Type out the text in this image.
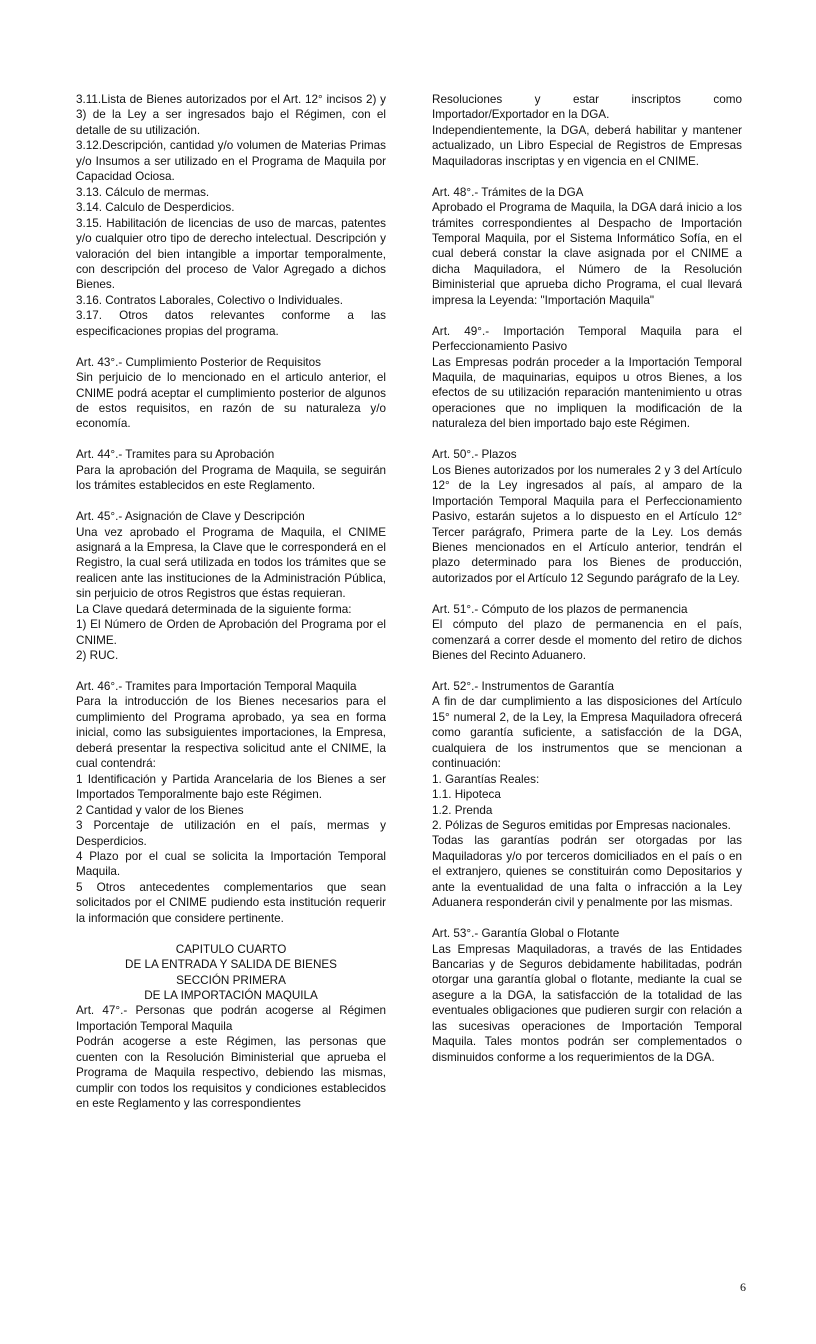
3.11.Lista de Bienes autorizados por el Art. 12° incisos 2) y 3) de la Ley a ser ingresados bajo el Régimen, con el detalle de su utilización.

3.12.Descripción, cantidad y/o volumen de Materias Primas y/o Insumos a ser utilizado en el Programa de Maquila por Capacidad Ociosa.

3.13. Cálculo de mermas.

3.14. Calculo de Desperdicios.

3.15. Habilitación de licencias de uso de marcas, patentes y/o cualquier otro tipo de derecho intelectual. Descripción y valoración del bien intangible a importar temporalmente, con descripción del proceso de Valor Agregado a dichos Bienes.

3.16. Contratos Laborales, Colectivo o Individuales.

3.17. Otros datos relevantes conforme a las especificaciones propias del programa.

Art. 43°.- Cumplimiento Posterior de Requisitos

Sin perjuicio de lo mencionado en el articulo anterior, el CNIME podrá aceptar el cumplimiento posterior de algunos de estos requisitos, en razón de su naturaleza y/o economía.

Art. 44°.- Tramites para su Aprobación

Para la aprobación del Programa de Maquila, se seguirán los trámites establecidos en este Reglamento.

Art. 45°.- Asignación de Clave y Descripción

Una vez aprobado el Programa de Maquila, el CNIME asignará a la Empresa, la Clave que le corresponderá en el Registro, la cual será utilizada en todos los trámites que se realicen ante las instituciones de la Administración Pública, sin perjuicio de otros Registros que éstas requieran.

La Clave quedará determinada de la siguiente forma:

1) El Número de Orden de Aprobación del Programa por el CNIME.

2) RUC.

Art. 46°.- Tramites para Importación Temporal Maquila

Para la introducción de los Bienes necesarios para el cumplimiento del Programa aprobado, ya sea en forma inicial, como las subsiguientes importaciones, la Empresa, deberá presentar la respectiva solicitud ante el CNIME, la cual contendrá:

1 Identificación y Partida Arancelaria de los Bienes a ser Importados Temporalmente bajo este Régimen.

2 Cantidad y valor de los Bienes

3 Porcentaje de utilización en el país, mermas y Desperdicios.

4 Plazo por el cual se solicita la Importación Temporal Maquila.

5 Otros antecedentes complementarios que sean solicitados por el CNIME pudiendo esta institución requerir la información que considere pertinente.

CAPITULO CUARTO

DE LA ENTRADA Y SALIDA DE BIENES

SECCIÓN PRIMERA

DE LA IMPORTACIÓN MAQUILA

Art. 47°.- Personas que podrán acogerse al Régimen Importación Temporal Maquila

Podrán acogerse a este Régimen, las personas que cuenten con la Resolución Biministerial que aprueba el Programa de Maquila respectivo, debiendo las mismas, cumplir con todos los requisitos y condiciones establecidos en este Reglamento y las correspondientes

Resoluciones y estar inscriptos como Importador/Exportador en la DGA.

Independientemente, la DGA, deberá habilitar y mantener actualizado, un Libro Especial de Registros de Empresas Maquiladoras inscriptas y en vigencia en el CNIME.

Art. 48°.- Trámites de la DGA

Aprobado el Programa de Maquila, la DGA dará inicio a los trámites correspondientes al Despacho de Importación Temporal Maquila, por el Sistema Informático Sofía, en el cual deberá constar la clave asignada por el CNIME a dicha Maquiladora, el Número de la Resolución Biministerial que aprueba dicho Programa, el cual llevará impresa la Leyenda: "Importación Maquila"

Art. 49°.- Importación Temporal Maquila para el Perfeccionamiento Pasivo

Las Empresas podrán proceder a la Importación Temporal Maquila, de maquinarias, equipos u otros Bienes, a los efectos de su utilización reparación mantenimiento u otras operaciones que no impliquen la modificación de la naturaleza del bien importado bajo este Régimen.

Art. 50°.- Plazos

Los Bienes autorizados por los numerales 2 y 3 del Artículo 12° de la Ley ingresados al país, al amparo de la Importación Temporal Maquila para el Perfeccionamiento Pasivo, estarán sujetos a lo dispuesto en el Artículo 12° Tercer parágrafo, Primera parte de la Ley. Los demás Bienes mencionados en el Artículo anterior, tendrán el plazo determinado para los Bienes de producción, autorizados por el Artículo 12 Segundo parágrafo de la Ley.

Art. 51°.- Cómputo de los plazos de permanencia

El cómputo del plazo de permanencia en el país, comenzará a correr desde el momento del retiro de dichos Bienes del Recinto Aduanero.

Art. 52°.- Instrumentos de Garantía

A fin de dar cumplimiento a las disposiciones del Artículo 15° numeral 2, de la Ley, la Empresa Maquiladora ofrecerá como garantía suficiente, a satisfacción de la DGA, cualquiera de los instrumentos que se mencionan a continuación:

1. Garantías Reales:

1.1. Hipoteca

1.2. Prenda

2. Pólizas de Seguros emitidas por Empresas nacionales.

Todas las garantías podrán ser otorgadas por las Maquiladoras y/o por terceros domiciliados en el país o en el extranjero, quienes se constituirán como Depositarios y ante la eventualidad de una falta o infracción a la Ley Aduanera responderán civil y penalmente por las mismas.

Art. 53°.- Garantía Global o Flotante

Las Empresas Maquiladoras, a través de las Entidades Bancarias y de Seguros debidamente habilitadas, podrán otorgar una garantía global o flotante, mediante la cual se asegure a la DGA, la satisfacción de la totalidad de las eventuales obligaciones que pudieren surgir con relación a las sucesivas operaciones de Importación Temporal Maquila. Tales montos podrán ser complementados o disminuidos conforme a los requerimientos de la DGA.

6
